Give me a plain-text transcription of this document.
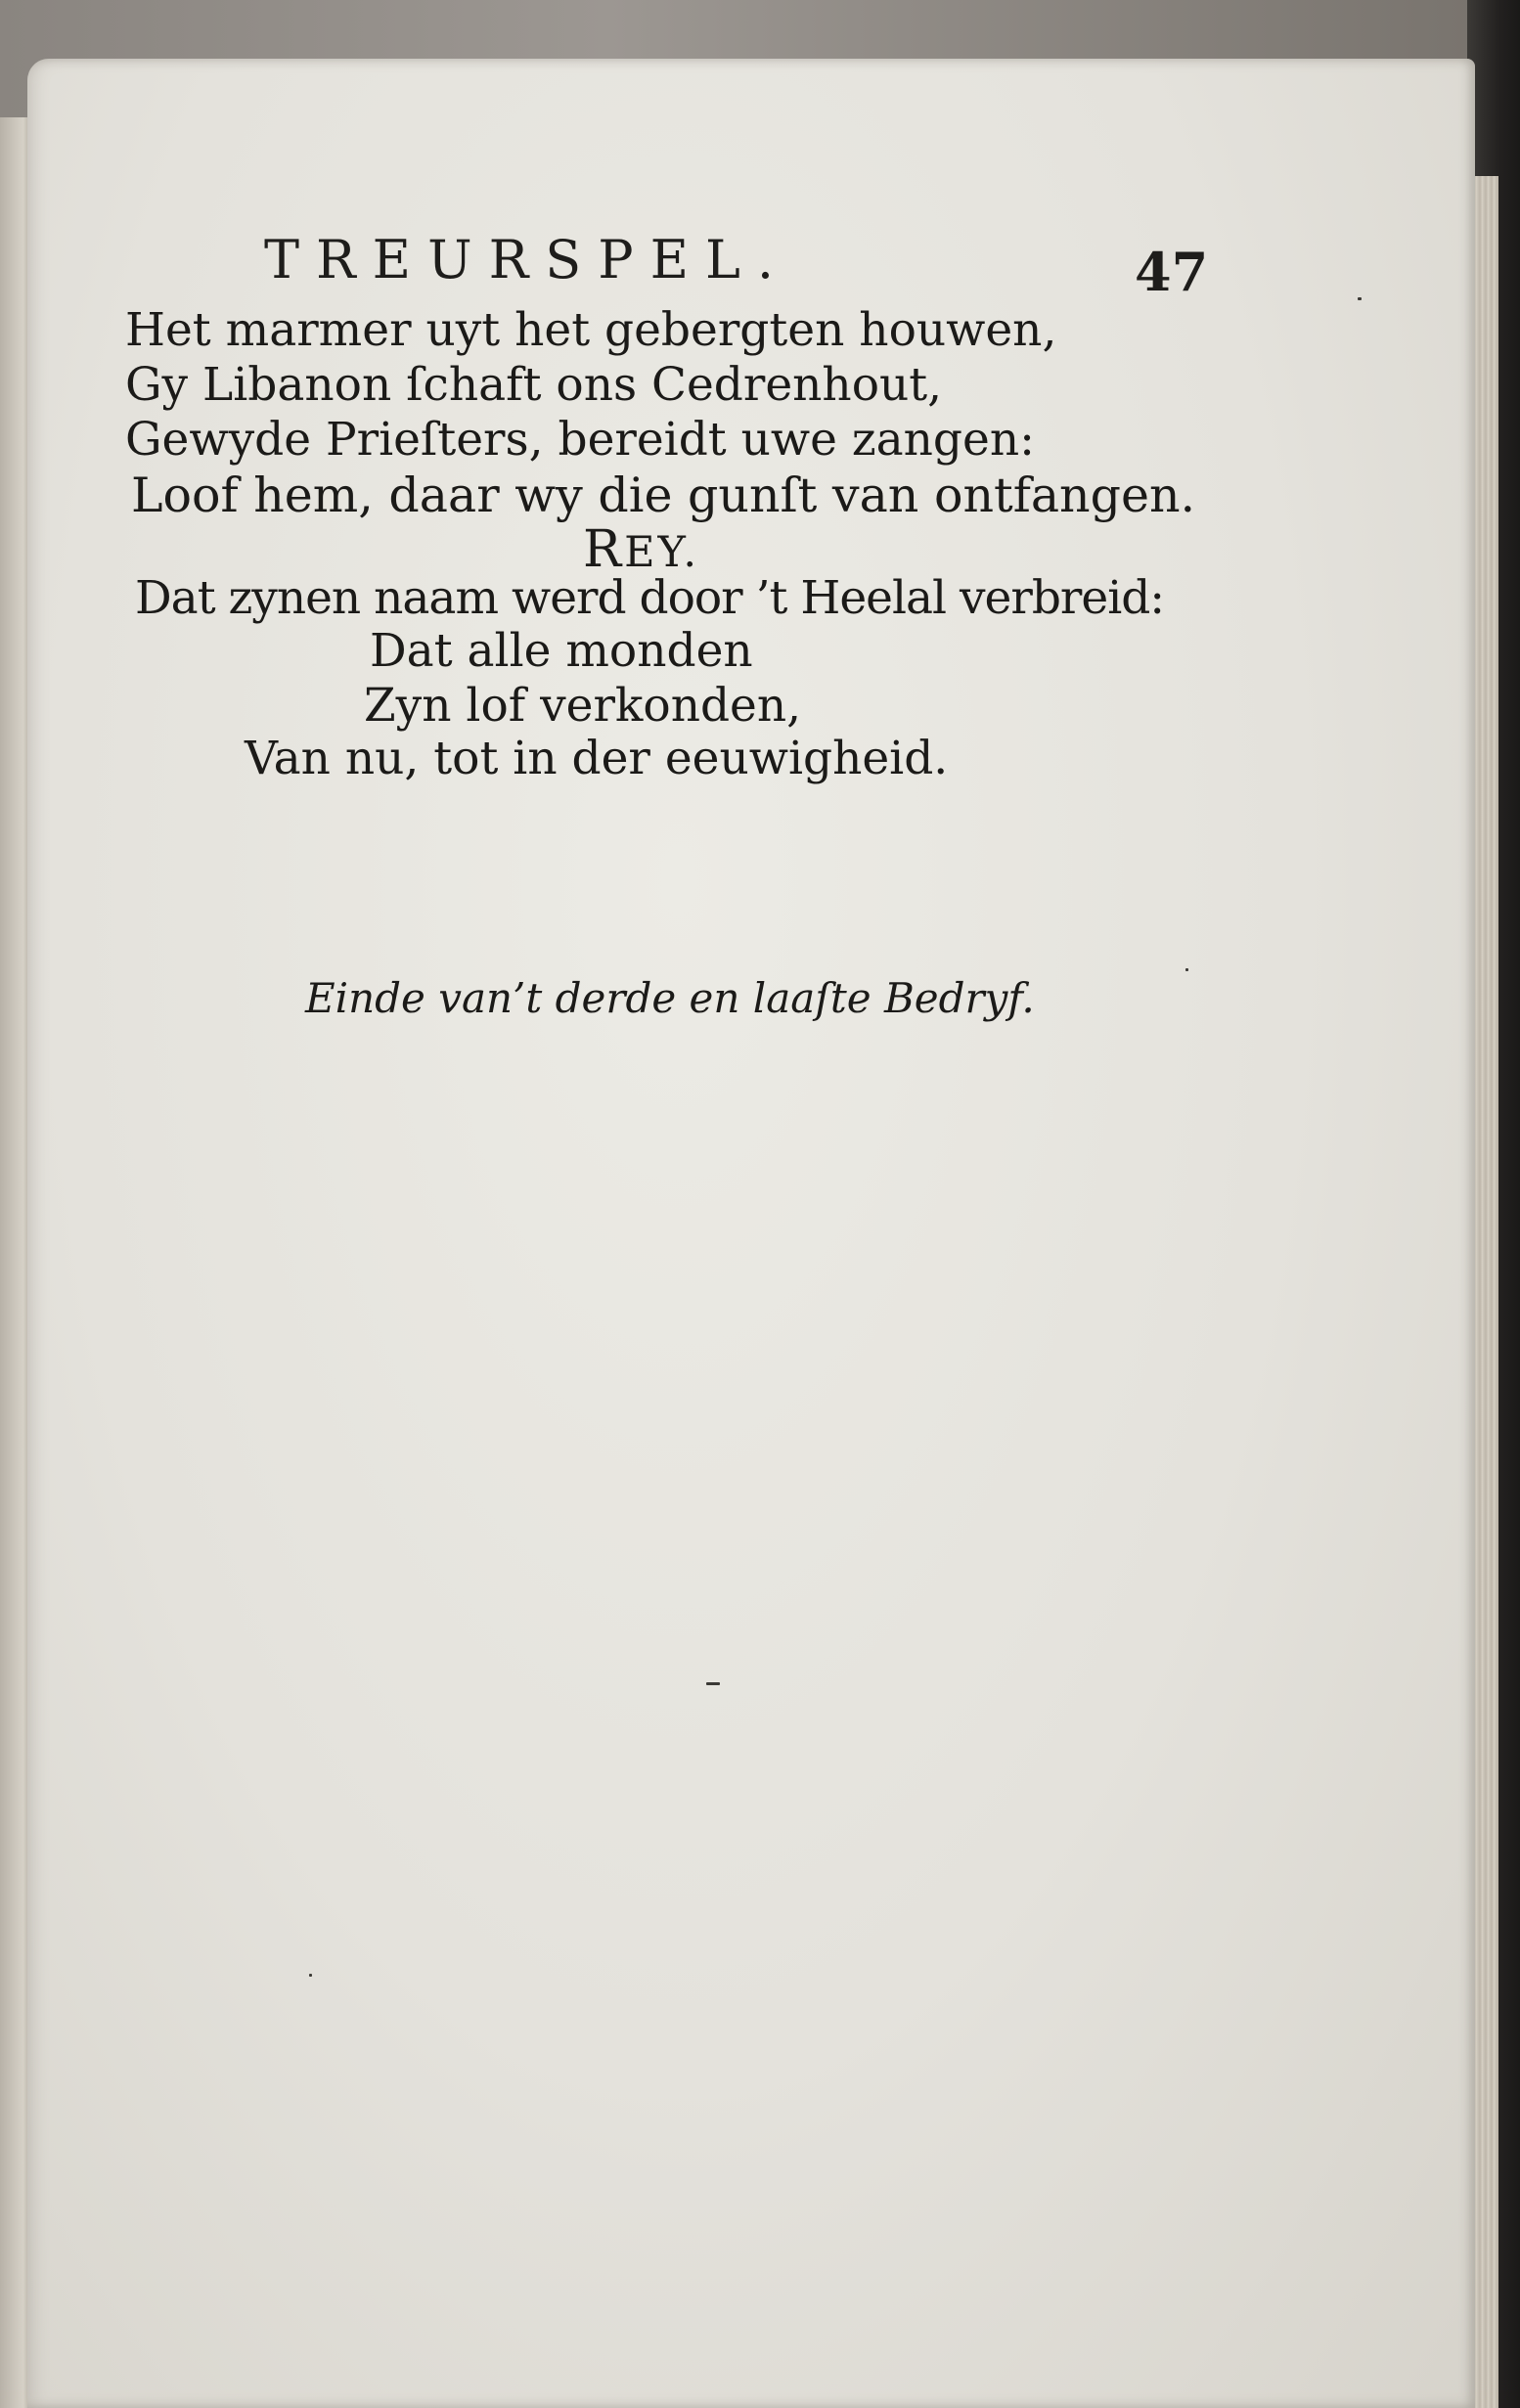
TREURSPEL.	47
Het marmer uyt het gebergten houwen,
Gy Libanon ſchaft ons Cedrenhout,
Gewyde Prieſters, bereidt uwe zangen:
Loof hem, daar wy die gunſt van ontfangen.
REY.
Dat zynen naam werd door ’t Heelal verbreid:
Dat alle monden
Zyn lof verkonden,
Van nu, tot in der eeuwigheid.
Einde van’t derde en laaſte Bedryf.
